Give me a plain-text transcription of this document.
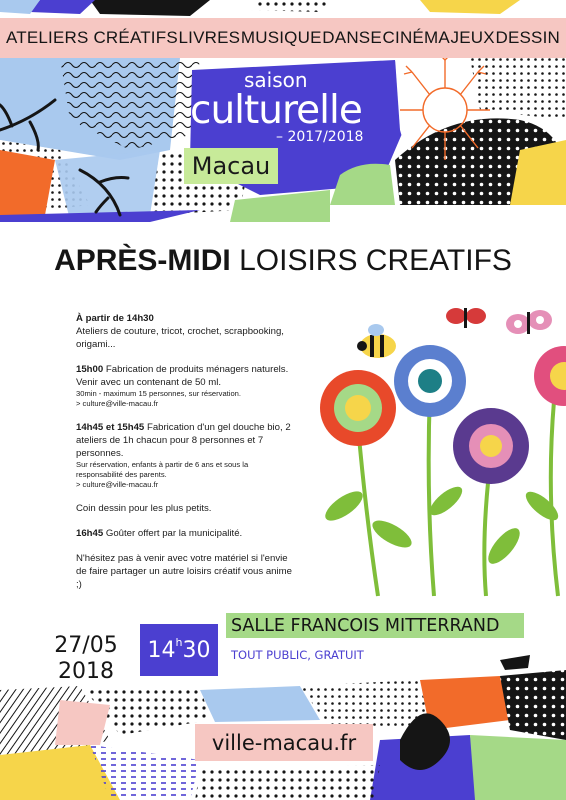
ATELIERS CRÉATIFS LIVRES MUSIQUE DANSE CINÉMA JEUX DESSIN
saison
culturelle
– 2017/2018
Macau
APRÈS-MIDI LOISIRS CREATIFS

À partir de 14h30

Ateliers de couture, tricot, crochet, scrapbooking, origami...

15h00 Fabrication de produits ménagers naturels. Venir avec un contenant de 50 ml.

30min - maximum 15 personnes, sur réservation.

> culture@ville-macau.fr

14h45 et 15h45 Fabrication d'un gel douche bio, 2 ateliers de 1h chacun pour 8 personnes et 7 personnes.

Sur réservation, enfants à partir de 6 ans et sous la responsabilité des parents.

> culture@ville-macau.fr

Coin dessin pour les plus petits.

16h45 Goûter offert par la municipalité.

N'hésitez pas à venir avec votre matériel si l'envie de faire partager un autre loisirs créatif vous anime ;)

27/05
2018
14 h 30
SALLE FRANCOIS MITTERRAND
TOUT PUBLIC, GRATUIT
ville-macau.fr
